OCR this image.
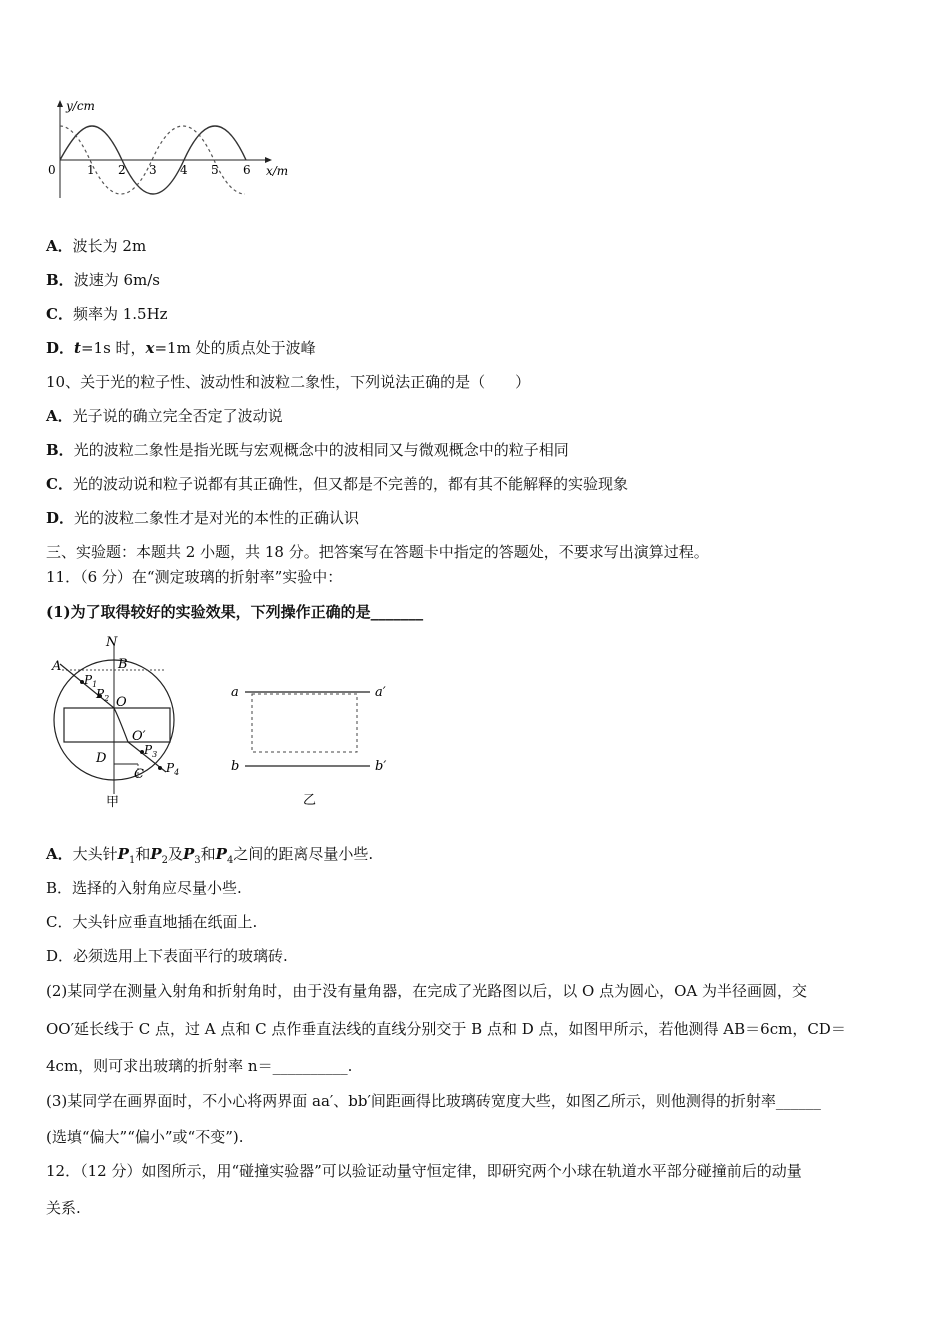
y/cm
x/m
0	1 2 3 4 5 6
A．波长为 2m
B．波速为 6m/s
C．频率为 1.5Hz
D．t=1s 时，x=1m 处的质点处于波峰
10、关于光的粒子性、波动性和波粒二象性，下列说法正确的是（　　）
A．光子说的确立完全否定了波动说
B．光的波粒二象性是指光既与宏观概念中的波相同又与微观概念中的粒子相同
C．光的波动说和粒子说都有其正确性，但又都是不完善的，都有其不能解释的实验现象
D．光的波粒二象性才是对光的本性的正确认识
三、实验题：本题共 2 小题，共 18 分。把答案写在答题卡中指定的答题处，不要求写出演算过程。
11．（6 分）在“测定玻璃的折射率”实验中：
(1)为了取得较好的实验效果，下列操作正确的是_______
N
A	B
$P_1$
$P_2$ O
O′
$P_3$
D
C $P_4$
甲
a	a′
b	b′
乙
A．大头针$P_1$和$P_2$及$P_3$和$P_4$之间的距离尽量小些.
B．选择的入射角应尽量小些.
C．大头针应垂直地插在纸面上.
D．必须选用上下表面平行的玻璃砖.
(2)某同学在测量入射角和折射角时，由于没有量角器，在完成了光路图以后，以 O 点为圆心，OA 为半径画圆，交
OO′延长线于 C 点，过 A 点和 C 点作垂直法线的直线分别交于 B 点和 D 点，如图甲所示，若他测得 AB＝6cm，CD＝
4cm，则可求出玻璃的折射率 n＝__________.
(3)某同学在画界面时，不小心将两界面 aa′、bb′间距画得比玻璃砖宽度大些，如图乙所示，则他测得的折射率______
(选填“偏大”“偏小”或“不变”).
12．（12 分）如图所示，用“碰撞实验器”可以验证动量守恒定律，即研究两个小球在轨道水平部分碰撞前后的动量
关系.
